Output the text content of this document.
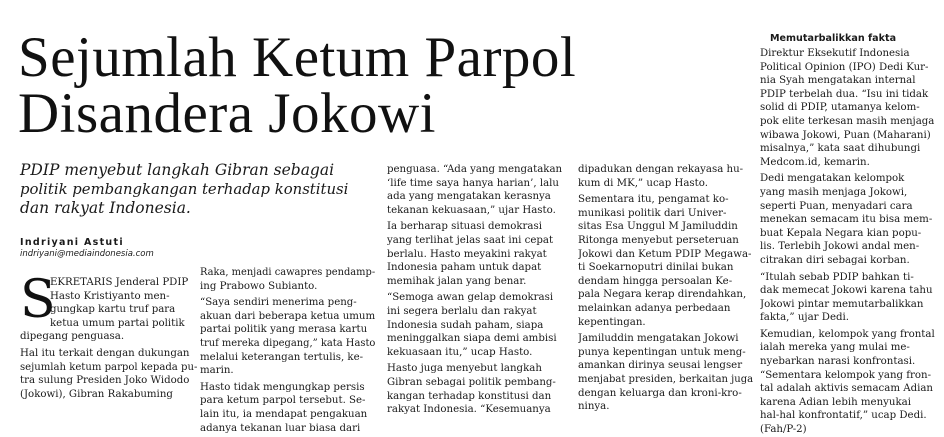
Sejumlah Ketum Parpol
Disandera Jokowi

PDIP menyebut langkah Gibran sebagai
politik pembangkangan terhadap konstitusi
dan rakyat Indonesia.

Indriyani Astuti
indriyani@mediaindonesia.com
S
EKRETARIS Jenderal PDIP
Hasto Kristiyanto men-
gungkap kartu truf para
ketua umum partai politik
dipegang penguasa.
Hal itu terkait dengan dukungan
sejumlah ketum parpol kepada pu-
tra sulung Presiden Joko Widodo
(Jokowi), Gibran Rakabuming
Raka, menjadi cawapres pendamp-
ing Prabowo Subianto.
“Saya sendiri menerima peng-
akuan dari beberapa ketua umum
partai politik yang merasa kartu
truf mereka dipegang,” kata Hasto
melalui keterangan tertulis, ke-
marin.
Hasto tidak mengungkap persis
para ketum parpol tersebut. Se-
lain itu, ia mendapat pengakuan
adanya tekanan luar biasa dari
penguasa. “Ada yang mengatakan
‘life time saya hanya harian’, lalu
ada yang mengatakan kerasnya
tekanan kekuasaan,” ujar Hasto.
Ia berharap situasi demokrasi
yang terlihat jelas saat ini cepat
berlalu. Hasto meyakini rakyat
Indonesia paham untuk dapat
memihak jalan yang benar.
“Semoga awan gelap demokrasi
ini segera berlalu dan rakyat
Indonesia sudah paham, siapa
meninggalkan siapa demi ambisi
kekuasaan itu,” ucap Hasto.
Hasto juga menyebut langkah
Gibran sebagai politik pembang-
kangan terhadap konstitusi dan
rakyat Indonesia. “Kesemuanya
dipadukan dengan rekayasa hu-
kum di MK,” ucap Hasto.
Sementara itu, pengamat ko-
munikasi politik dari Univer-
sitas Esa Unggul M Jamiluddin
Ritonga menyebut perseteruan
Jokowi dan Ketum PDIP Megawa-
ti Soekarnoputri dinilai bukan
dendam hingga persoalan Ke-
pala Negara kerap direndahkan,
melainkan adanya perbedaan
kepentingan.
Jamiluddin mengatakan Jokowi
punya kepentingan untuk meng-
amankan dirinya seusai lengser
menjabat presiden, berkaitan juga
dengan keluarga dan kroni-kro-
ninya.
Memutarbalikkan fakta
Direktur Eksekutif Indonesia
Political Opinion (IPO) Dedi Kur-
nia Syah mengatakan internal
PDIP terbelah dua. “Isu ini tidak
solid di PDIP, utamanya kelom-
pok elite terkesan masih menjaga
wibawa Jokowi, Puan (Maharani)
misalnya,” kata saat dihubungi
Medcom.id, kemarin.
Dedi mengatakan kelompok
yang masih menjaga Jokowi,
seperti Puan, menyadari cara
menekan semacam itu bisa mem-
buat Kepala Negara kian popu-
lis. Terlebih Jokowi andal men-
citrakan diri sebagai korban.
“Itulah sebab PDIP bahkan ti-
dak memecat Jokowi karena tahu
Jokowi pintar memutarbalikkan
fakta,” ujar Dedi.
Kemudian, kelompok yang frontal
ialah mereka yang mulai me-
nyebarkan narasi konfrontasi.
“Sementara kelompok yang fron-
tal adalah aktivis semacam Adian
karena Adian lebih menyukai
hal-hal konfrontatif,” ucap Dedi.
(Fah/P-2)
